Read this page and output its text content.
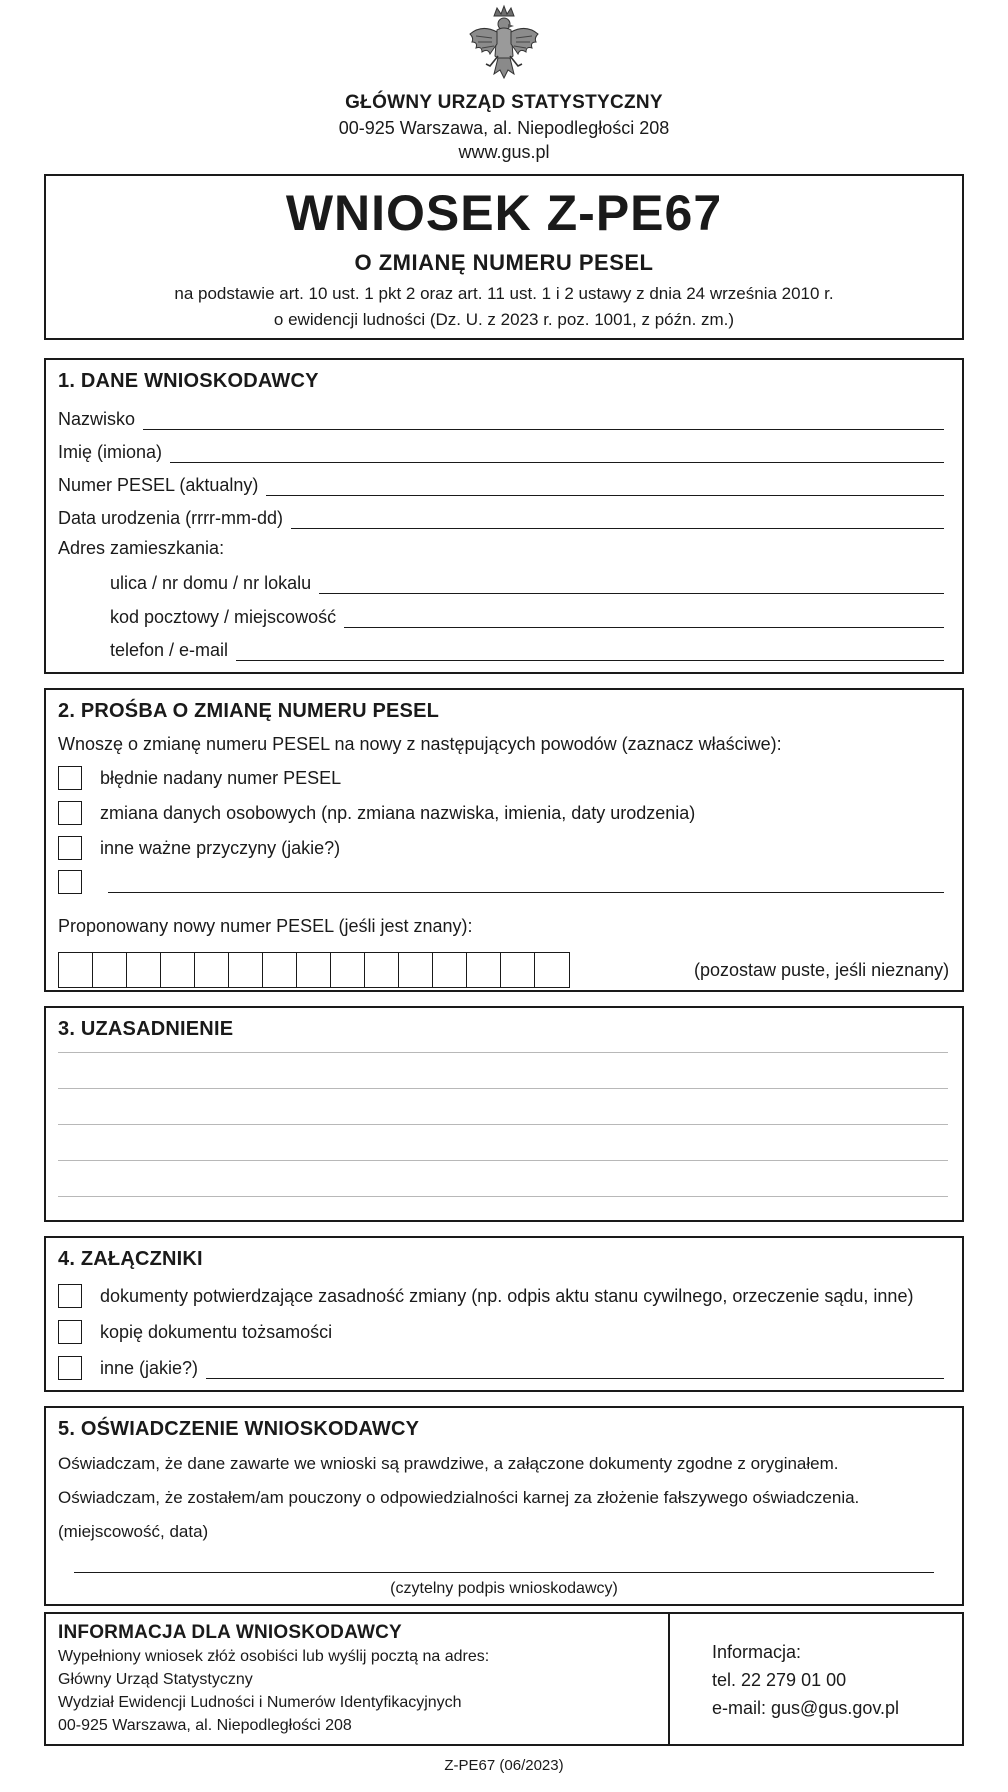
GŁÓWNY URZĄD STATYSTYCZNY
00-925 Warszawa, al. Niepodległości 208
www.gus.pl
WNIOSEK Z-PE67
O ZMIANĘ NUMERU PESEL
na podstawie art. 10 ust. 1 pkt 2 oraz art. 11 ust. 1 i 2 ustawy z dnia 24 września 2010 r.
o ewidencji ludności (Dz. U. z 2023 r. poz. 1001, z późn. zm.)
1. DANE WNIOSKODAWCY
Nazwisko
Imię (imiona)
Numer PESEL (aktualny)
Data urodzenia (rrrr-mm-dd)
Adres zamieszkania:
ulica / nr domu / nr lokalu
kod pocztowy / miejscowość
telefon / e-mail
2. PROŚBA O ZMIANĘ NUMERU PESEL
Wnoszę o zmianę numeru PESEL na nowy z następujących powodów (zaznacz właściwe):
błędnie nadany numer PESEL
zmiana danych osobowych (np. zmiana nazwiska, imienia, daty urodzenia)
inne ważne przyczyny (jakie?)
Proponowany nowy numer PESEL (jeśli jest znany):
(pozostaw puste, jeśli nieznany)
3. UZASADNIENIE
4. ZAŁĄCZNIKI
dokumenty potwierdzające zasadność zmiany (np. odpis aktu stanu cywilnego, orzeczenie sądu, inne)
kopię dokumentu tożsamości
inne (jakie?)
5. OŚWIADCZENIE WNIOSKODAWCY
Oświadczam, że dane zawarte we wnioski są prawdziwe, a załączone dokumenty zgodne z oryginałem.
Oświadczam, że zostałem/am pouczony o odpowiedzialności karnej za złożenie fałszywego oświadczenia.
(miejscowość, data)
(czytelny podpis wnioskodawcy)
INFORMACJA DLA WNIOSKODAWCY
Wypełniony wniosek złóż osobiści lub wyślij pocztą na adres:
Główny Urząd Statystyczny
Wydział Ewidencji Ludności i Numerów Identyfikacyjnych
00-925 Warszawa, al. Niepodległości 208
Informacja:
tel. 22 279 01 00
e-mail: gus@gus.gov.pl
Z-PE67 (06/2023)
